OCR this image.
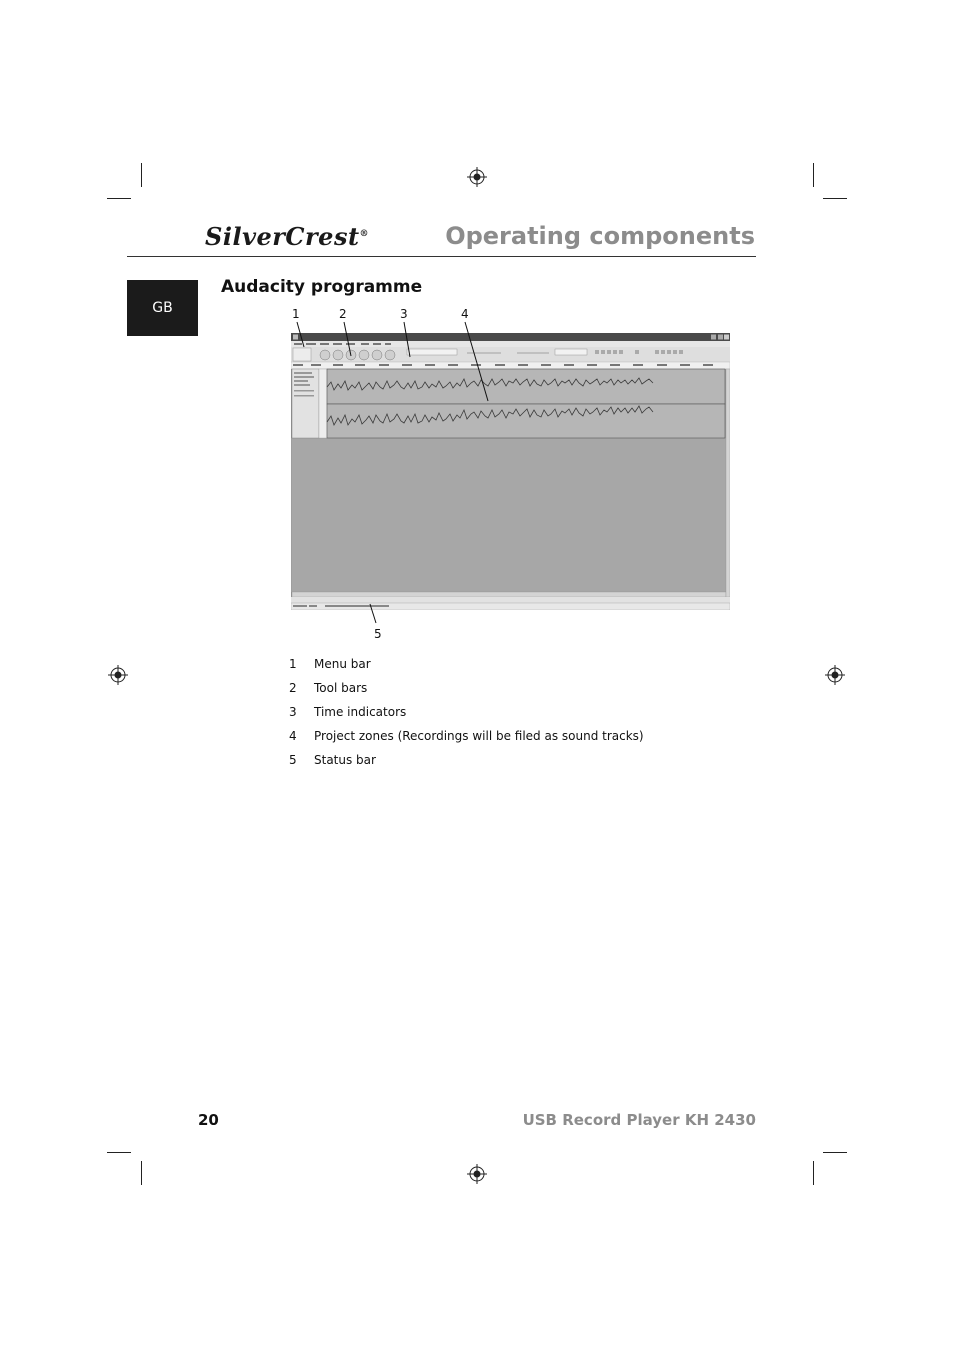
SilverCrest®	Operating components
GB
Audacity programme
1	2	3	4
5
1	Menu bar
2	Tool bars
3	Time indicators
4	Project zones (Recordings will be filed as sound tracks)
5	Status bar
20	USB Record Player KH 2430
